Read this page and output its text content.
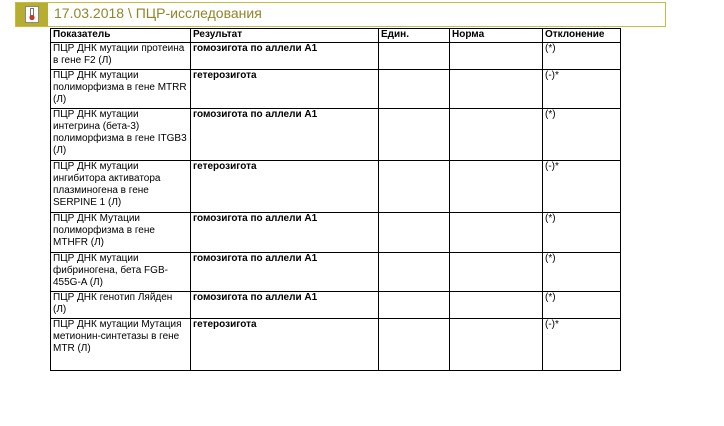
17.03.2018 \ ПЦР-исследования
Показатель	Результат	Един.	Норма	Отклонение
ПЦР ДНК мутации протеина в гене F2 (Л)	гомозигота по аллели А1			(*)
ПЦР ДНК мутации полиморфизма в гене MTRR (Л)	гетерозигота			(-)*
ПЦР ДНК мутации интегрина (бета-3) полиморфизма в гене ITGB3 (Л)	гомозигота по аллели А1			(*)
ПЦР ДНК мутации ингибитора активатора плазминогена в гене SERPINE 1 (Л)	гетерозигота			(-)*
ПЦР ДНК Мутации полиморфизма в гене MTHFR (Л)	гомозигота по аллели А1			(*)
ПЦР ДНК мутации фибриногена, бета FGB-455G-A (Л)	гомозигота по аллели А1			(*)
ПЦР ДНК генотип Ляйден (Л)	гомозигота по аллели А1			(*)
ПЦР ДНК мутации Мутация метионин-синтетазы в гене MTR (Л)	гетерозигота			(-)*
